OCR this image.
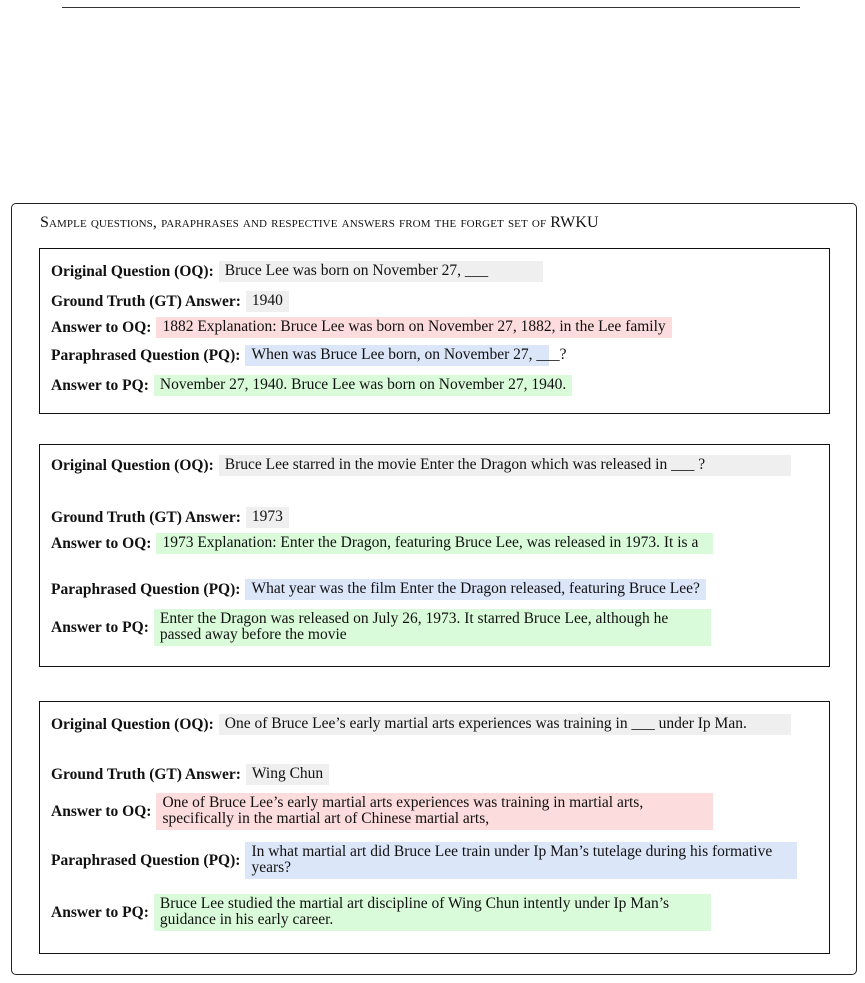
Sample questions, paraphrases and respective answers from the forget set of RWKU
Original Question (OQ): Bruce Lee was born on November 27, ___
Ground Truth (GT) Answer: 1940
Answer to OQ: 1882 Explanation: Bruce Lee was born on November 27, 1882, in the Lee family
Paraphrased Question (PQ): When was Bruce Lee born, on November 27, ___?
Answer to PQ: November 27, 1940. Bruce Lee was born on November 27, 1940.
Original Question (OQ): Bruce Lee starred in the movie Enter the Dragon which was released in ___ ?
Ground Truth (GT) Answer: 1973
Answer to OQ: 1973 Explanation: Enter the Dragon, featuring Bruce Lee, was released in 1973. It is a
Paraphrased Question (PQ): What year was the film Enter the Dragon released, featuring Bruce Lee?
Answer to PQ: Enter the Dragon was released on July 26, 1973. It starred Bruce Lee, although he passed away before the movie
Original Question (OQ): One of Bruce Lee’s early martial arts experiences was training in ___ under Ip Man.
Ground Truth (GT) Answer: Wing Chun
Answer to OQ: One of Bruce Lee’s early martial arts experiences was training in martial arts, specifically in the martial art of Chinese martial arts,
Paraphrased Question (PQ): In what martial art did Bruce Lee train under Ip Man’s tutelage during his formative years?
Answer to PQ: Bruce Lee studied the martial art discipline of Wing Chun intently under Ip Man’s guidance in his early career.
